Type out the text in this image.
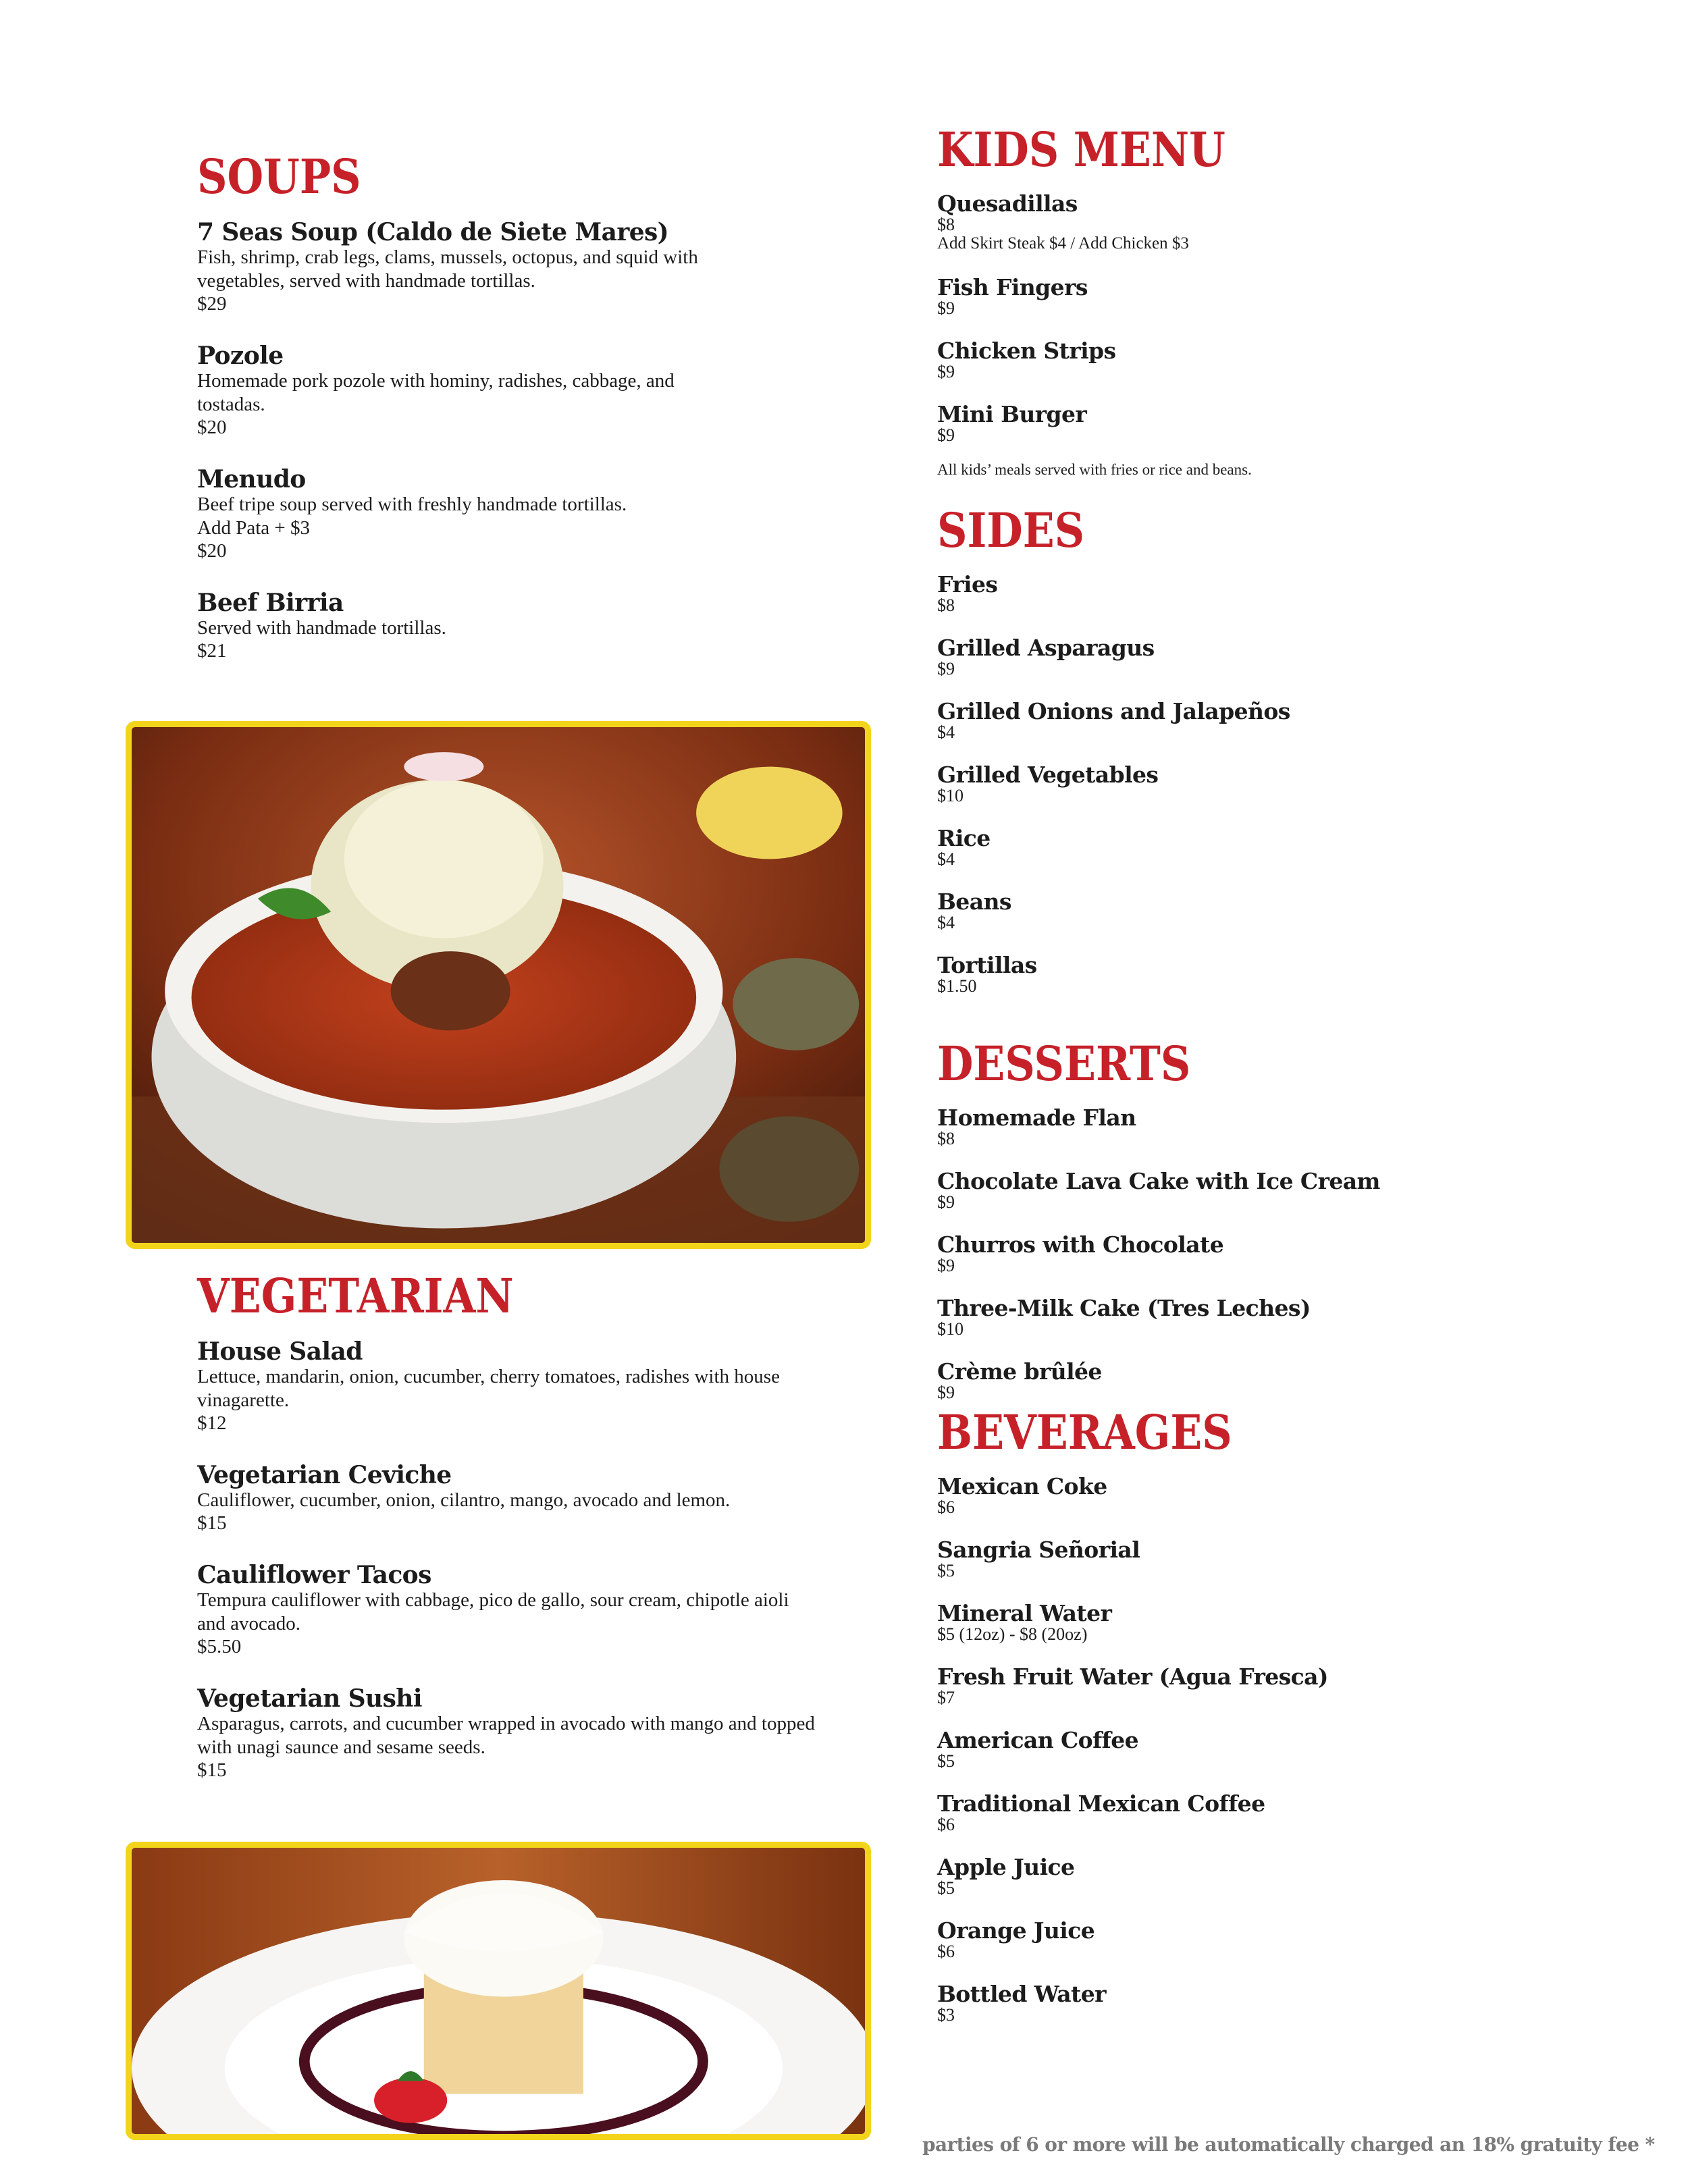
SOUPS
7 Seas Soup (Caldo de Siete Mares)
Fish, shrimp, crab legs, clams, mussels, octopus, and squid with vegetables, served with handmade tortillas.
$29
Pozole
Homemade pork pozole with hominy, radishes, cabbage, and tostadas.
$20
Menudo
Beef tripe soup served with freshly handmade tortillas.
Add Pata + $3
$20
Beef Birria
Served with handmade tortillas.
$21
VEGETARIAN
House Salad
Lettuce, mandarin, onion, cucumber, cherry tomatoes, radishes with house vinagarette.
$12
Vegetarian Ceviche
Cauliflower, cucumber, onion, cilantro, mango, avocado and lemon.
$15
Cauliflower Tacos
Tempura cauliflower with cabbage, pico de gallo, sour cream, chipotle aioli and avocado.
$5.50
Vegetarian Sushi
Asparagus, carrots, and cucumber wrapped in avocado with mango and topped with unagi saunce and sesame seeds.
$15
KIDS MENU
Quesadillas
$8
Add Skirt Steak $4 / Add Chicken $3
Fish Fingers
$9
Chicken Strips
$9
Mini Burger
$9

All kids’ meals served with fries or rice and beans.

SIDES
Fries
$8
Grilled Asparagus
$9
Grilled Onions and Jalapeños
$4
Grilled Vegetables
$10
Rice
$4
Beans
$4
Tortillas
$1.50
DESSERTS
Homemade Flan
$8
Chocolate Lava Cake with Ice Cream
$9
Churros with Chocolate
$9
Three-Milk Cake (Tres Leches)
$10
Crème brûlée
$9
BEVERAGES
Mexican Coke
$6
Sangria Señorial
$5
Mineral Water
$5 (12oz) - $8 (20oz)
Fresh Fruit Water (Agua Fresca)
$7
American Coffee
$5
Traditional Mexican Coffee
$6
Apple Juice
$5
Orange Juice
$6
Bottled Water
$3
parties of 6 or more will be automatically charged an 18% gratuity fee *
